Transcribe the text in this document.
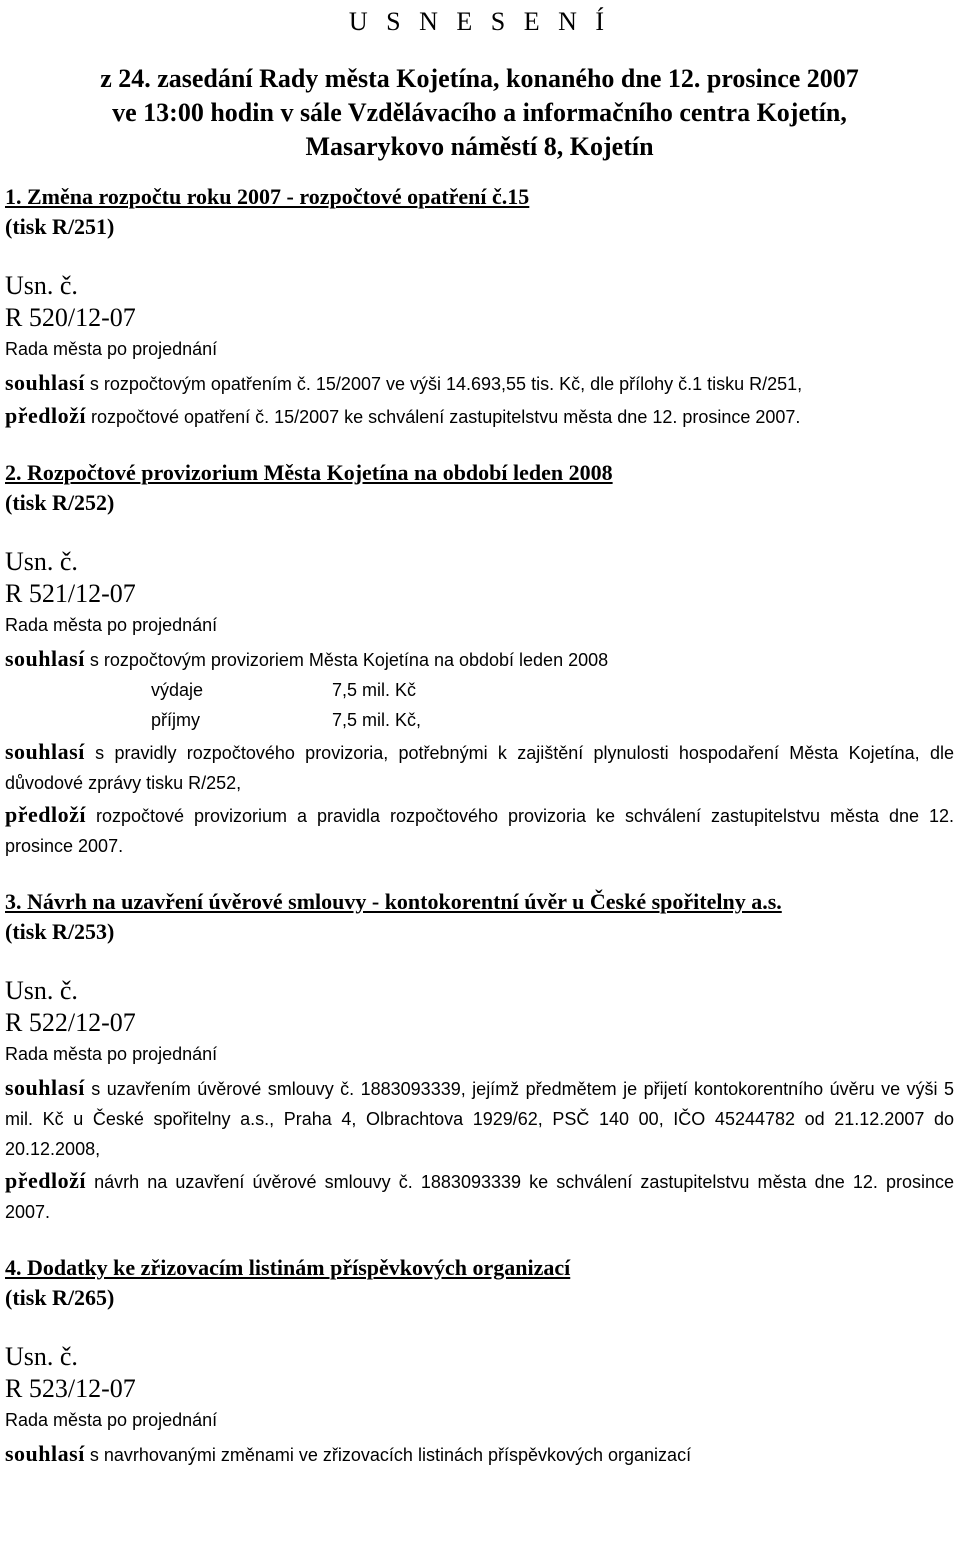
U S N E S E N Í
z 24. zasedání Rady města Kojetína, konaného dne 12. prosince 2007
ve 13:00 hodin v sále Vzdělávacího a informačního centra Kojetín,
Masarykovo náměstí 8, Kojetín
1. Změna rozpočtu roku 2007 - rozpočtové opatření č.15
(tisk R/251)
Usn. č.
R 520/12-07
Rada města po projednání
souhlasí s rozpočtovým opatřením č. 15/2007 ve výši 14.693,55 tis. Kč, dle přílohy č.1 tisku R/251,
předloží rozpočtové opatření č. 15/2007 ke schválení zastupitelstvu města dne 12. prosince 2007.
2. Rozpočtové provizorium Města Kojetína na období leden 2008
(tisk R/252)
Usn. č.
R 521/12-07
Rada města po projednání
souhlasí s rozpočtovým provizoriem Města Kojetína na období leden 2008
výdaje	7,5 mil. Kč
příjmy	7,5 mil. Kč,
souhlasí s pravidly rozpočtového provizoria, potřebnými k zajištění plynulosti hospodaření Města Kojetína, dle důvodové zprávy tisku R/252,
předloží rozpočtové provizorium a pravidla rozpočtového provizoria ke schválení zastupitelstvu města dne 12. prosince 2007.
3. Návrh na uzavření úvěrové smlouvy - kontokorentní úvěr u České spořitelny a.s.
(tisk R/253)
Usn. č.
R 522/12-07
Rada města po projednání
souhlasí s uzavřením úvěrové smlouvy č. 1883093339, jejímž předmětem je přijetí kontokorentního úvěru ve výši 5 mil. Kč u České spořitelny a.s., Praha 4, Olbrachtova 1929/62, PSČ 140 00, IČO 45244782 od 21.12.2007 do 20.12.2008,
předloží návrh na uzavření úvěrové smlouvy č. 1883093339 ke schválení zastupitelstvu města dne 12. prosince 2007.
4. Dodatky ke zřizovacím listinám příspěvkových organizací
(tisk R/265)
Usn. č.
R 523/12-07
Rada města po projednání
souhlasí s navrhovanými změnami ve zřizovacích listinách příspěvkových organizací
